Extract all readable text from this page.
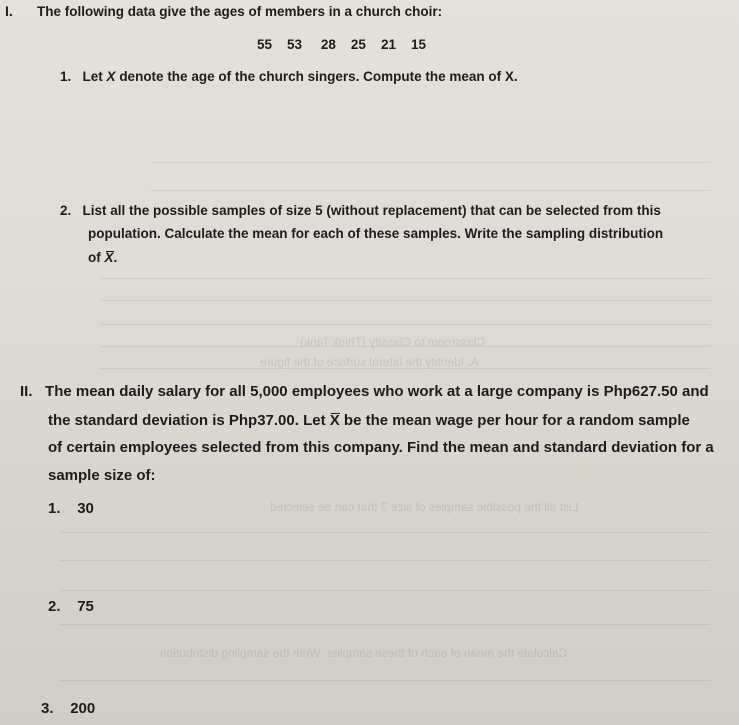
Classroom to Classify (Think Tank)
A. Identify the lateral surface of the figure
List all the possible samples of size 3 that can be selected
Calculate the mean of each of these samples. Write the sampling distribution
I. The following data give the ages of members in a church choir:
55 53 28 25 21 15
1. Let X denote the age of the church singers. Compute the mean of X.
2. List all the possible samples of size 5 (without replacement) that can be selected from this
population. Calculate the mean for each of these samples. Write the sampling distribution
of X.
II. The mean daily salary for all 5,000 employees who work at a large company is Php627.50 and
the standard deviation is Php37.00. Let X be the mean wage per hour for a random sample
of certain employees selected from this company. Find the mean and standard deviation for a
sample size of:
1. 30
2. 75
3. 200
